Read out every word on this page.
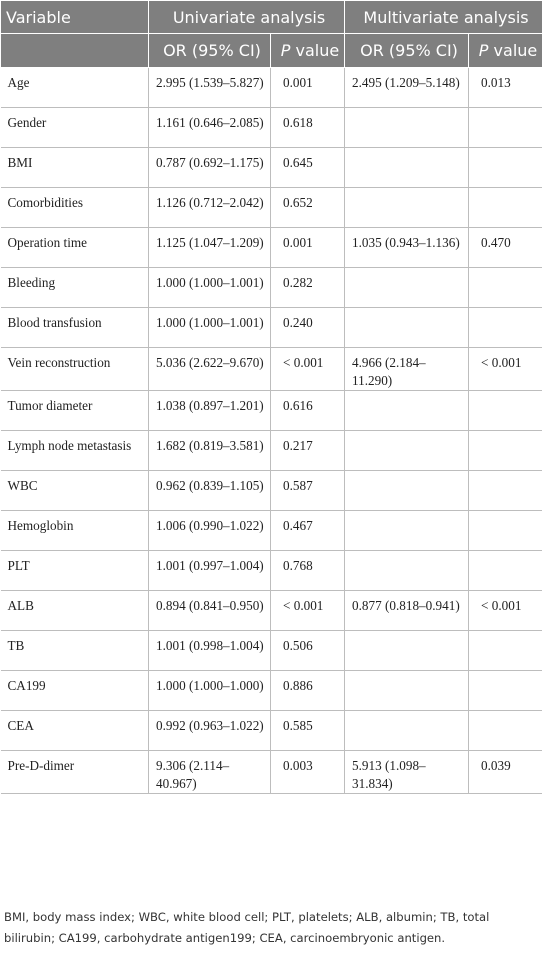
Variable	Univariate analysis		Multivariate analysis	
	OR (95% CI)	P value	OR (95% CI)	P value
Age	2.995 (1.539–5.827)	0.001	2.495 (1.209–5.148)	0.013
Gender	1.161 (0.646–2.085)	0.618		
BMI	0.787 (0.692–1.175)	0.645		
Comorbidities	1.126 (0.712–2.042)	0.652		
Operation time	1.125 (1.047–1.209)	0.001	1.035 (0.943–1.136)	0.470
Bleeding	1.000 (1.000–1.001)	0.282		
Blood transfusion	1.000 (1.000–1.001)	0.240		
Vein reconstruction	5.036 (2.622–9.670)	< 0.001	4.966 (2.184–11.290)	< 0.001
Tumor diameter	1.038 (0.897–1.201)	0.616		
Lymph node metastasis	1.682 (0.819–3.581)	0.217		
WBC	0.962 (0.839–1.105)	0.587		
Hemoglobin	1.006 (0.990–1.022)	0.467		
PLT	1.001 (0.997–1.004)	0.768		
ALB	0.894 (0.841–0.950)	< 0.001	0.877 (0.818–0.941)	< 0.001
TB	1.001 (0.998–1.004)	0.506		
CA199	1.000 (1.000–1.000)	0.886		
CEA	0.992 (0.963–1.022)	0.585		
Pre-D-dimer	9.306 (2.114–40.967)	0.003	5.913 (1.098–31.834)	0.039
BMI, body mass index; WBC, white blood cell; PLT, platelets; ALB, albumin; TB, total bilirubin; CA199, carbohydrate antigen199; CEA, carcinoembryonic antigen.
